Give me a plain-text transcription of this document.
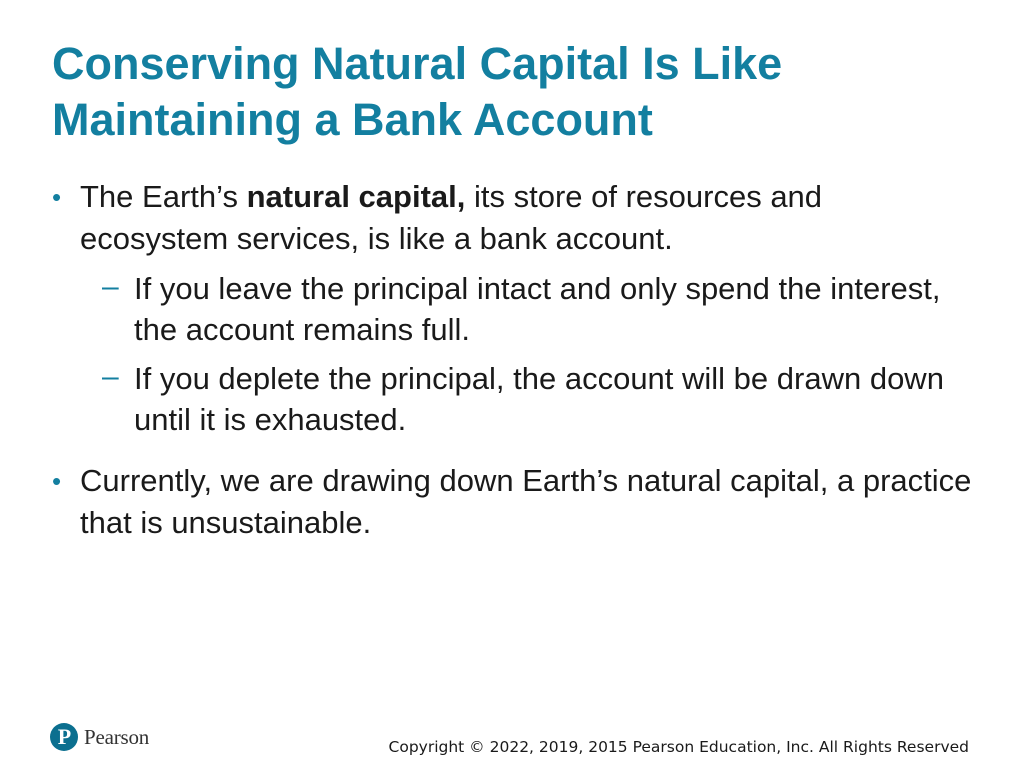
Conserving Natural Capital Is Like
Maintaining a Bank Account
• The Earth’s natural capital, its store of resources and ecosystem services, is like a bank account.
– If you leave the principal intact and only spend the interest, the account remains full.
– If you deplete the principal, the account will be drawn down until it is exhausted.
• Currently, we are drawing down Earth’s natural capital, a practice that is unsustainable.
P Pearson	Copyright © 2022, 2019, 2015 Pearson Education, Inc. All Rights Reserved
